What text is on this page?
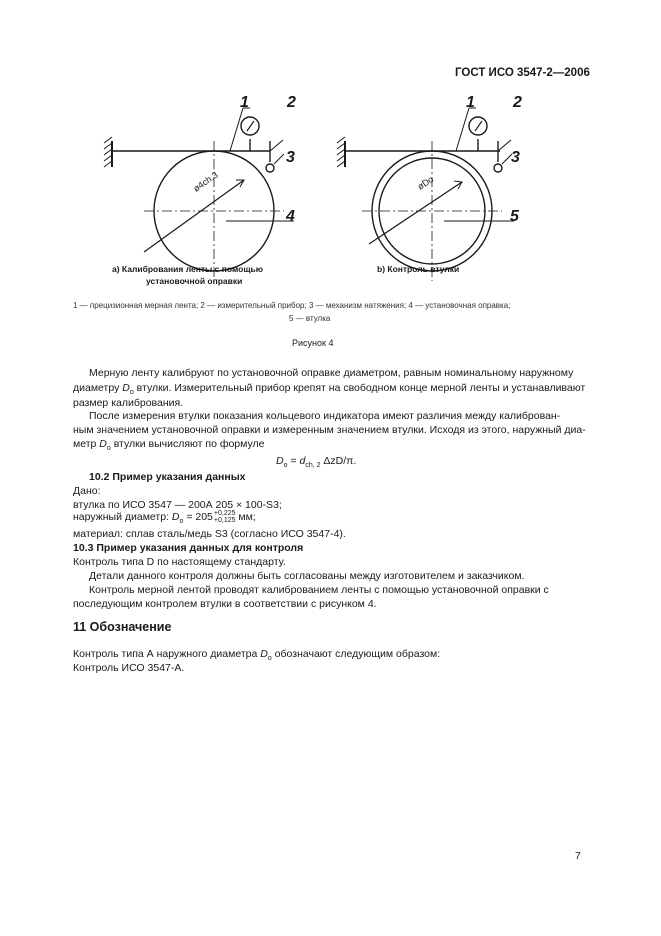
ГОСТ ИСО 3547-2—2006
1 2
3
4
1 2
3
5
ø4ch,3	øDo
a) Калибрования ленты с помощью
установочной оправки
b) Контроль втулки
1 — прецизионная мерная лента; 2 — измерительный прибор; 3 — механизм натяжения; 4 — установочная оправка;
5 — втулка
Рисунок 4
Мерную ленту калибруют по установочной оправке диаметром, равным номинальному наружному
диаметру $D_o$ втулки. Измерительный прибор крепят на свободном конце мерной ленты и устанавливают
размер калибрования.
После измерения втулки показания кольцевого индикатора имеют различия между калиброван-
ным значением установочной оправки и измеренным значением втулки. Исходя из этого, наружный диа-
метр $D_o$ втулки вычисляют по формуле
$D_o = d_{ch, 2}$ ΔzD/π.
10.2 Пример указания данных
Дано:
втулка по ИСО 3547 — 200А 205 × 100-S3;
наружный диаметр: $D_o = 205+0,225$
+0,125 мм;
материал: сплав сталь/медь S3 (согласно ИСО 3547-4).
10.3 Пример указания данных для контроля
Контроль типа D по настоящему стандарту.
Детали данного контроля должны быть согласованы между изготовителем и заказчиком.
Контроль мерной лентой проводят калиброванием ленты с помощью установочной оправки с
последующим контролем втулки в соответствии с рисунком 4.
11 Обозначение
Контроль типа А наружного диаметра $D_o$ обозначают следующим образом:
Контроль ИСО 3547-А.
7
